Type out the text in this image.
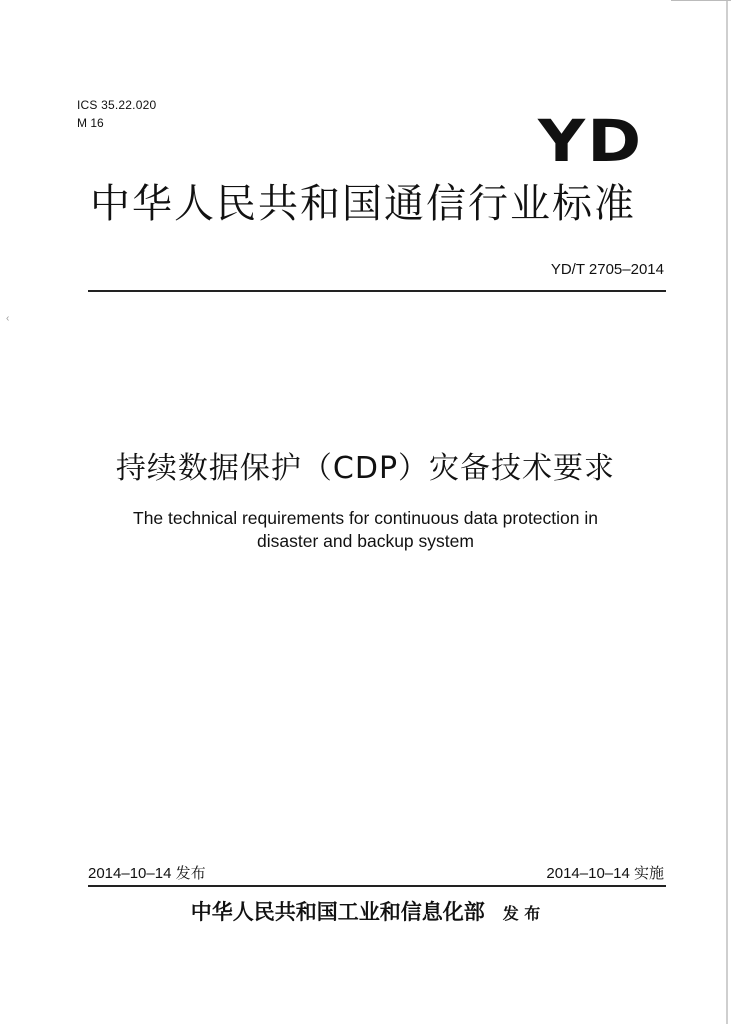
‹
ICS 35.22.020
M 16	YD
中华人民共和国通信行业标准
YD/T 2705–2014
持续数据保护（CDP）灾备技术要求
The technical requirements for continuous data protection in
disaster and backup system
2014–10–14 发布	2014–10–14 实施
中华人民共和国工业和信息化部 发 布
